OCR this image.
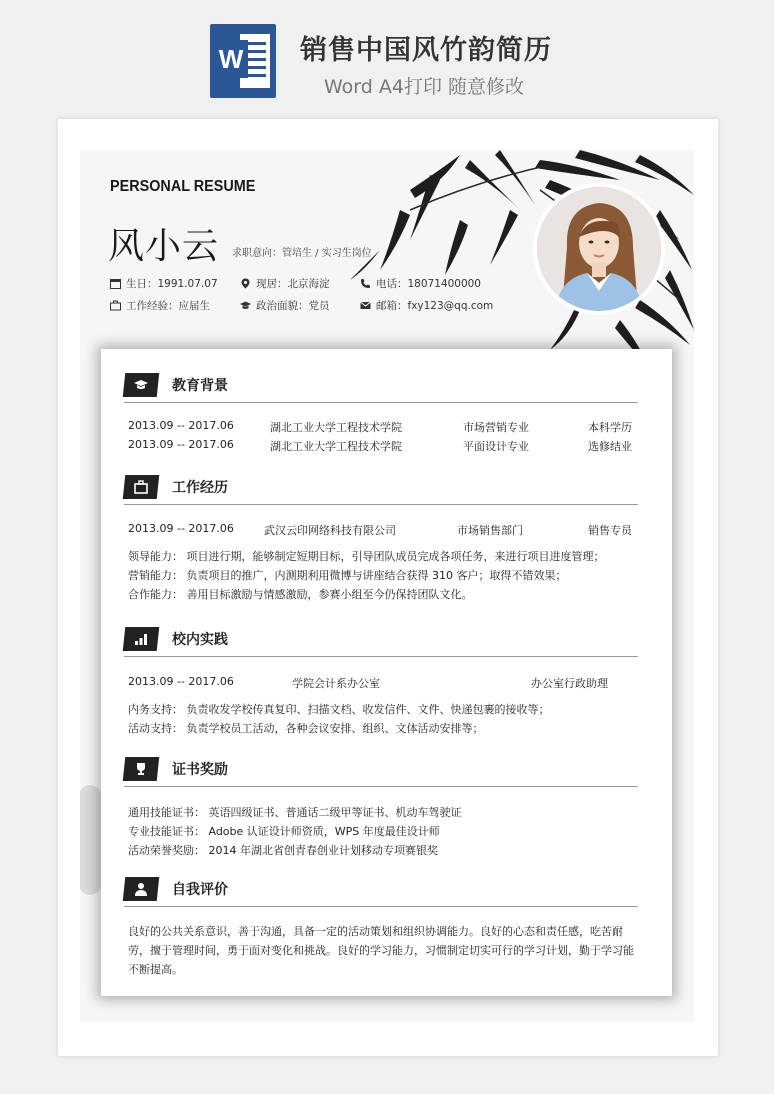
W 销售中国风竹韵简历
Word A4打印 随意修改
PERSONAL RESUME
风小云 求职意向：管培生 / 实习生岗位
生日：1991.07.07	现居：北京海淀	电话：18071400000
工作经验：应届生	政治面貌：党员	邮箱：fxy123@qq.com
教育背景
2013.09 -- 2017.06	湖北工业大学工程技术学院	市场营销专业	本科学历
2013.09 -- 2017.06	湖北工业大学工程技术学院	平面设计专业	选修结业
工作经历
2013.09 -- 2017.06	武汉云印网络科技有限公司	市场销售部门	销售专员
领导能力： 项目进行期，能够制定短期目标，引导团队成员完成各项任务，来进行项目进度管理；
营销能力： 负责项目的推广，内测期利用微博与讲座结合获得 310 客户；取得不错效果；
合作能力： 善用目标激励与情感激励，参赛小组至今仍保持团队文化。
校内实践
2013.09 -- 2017.06	学院会计系办公室	办公室行政助理
内务支持： 负责收发学校传真复印、扫描文档、收发信件、文件、快递包裹的接收等；
活动支持： 负责学校员工活动，各种会议安排、组织、文体活动安排等；
证书奖励
通用技能证书： 英语四级证书、普通话二级甲等证书、机动车驾驶证
专业技能证书： Adobe 认证设计师资质，WPS 年度最佳设计师
活动荣誉奖励： 2014 年湖北省创青春创业计划移动专项赛银奖
自我评价
良好的公共关系意识，善于沟通，具备一定的活动策划和组织协调能力。良好的心态和责任感，吃苦耐劳，擅于管理时间，勇于面对变化和挑战。良好的学习能力，习惯制定切实可行的学习计划，勤于学习能不断提高。
